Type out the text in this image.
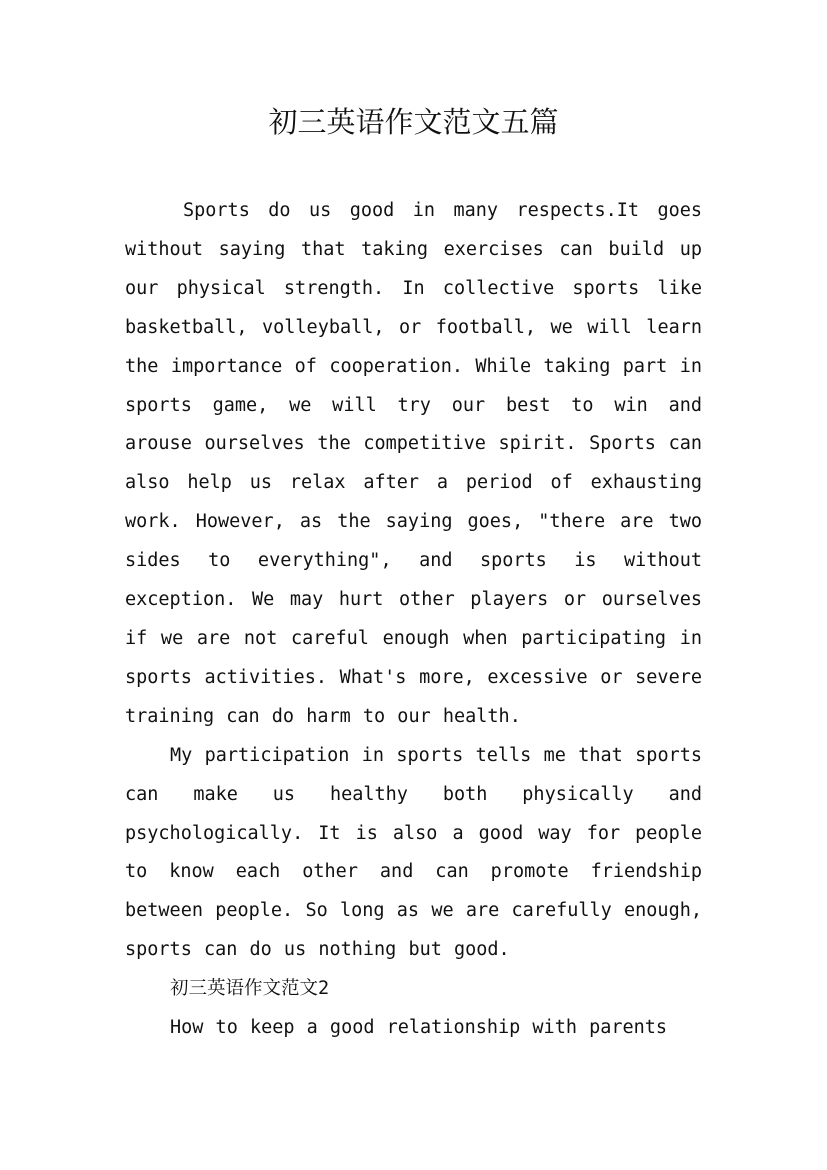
初三英语作文范文五篇

Sports do us good in many respects.It goes without saying that taking exercises can build up our physical strength. In collective sports like basketball, volleyball, or football, we will learn the importance of cooperation. While taking part in sports game, we will try our best to win and arouse ourselves the competitive spirit. Sports can also help us relax after a period of exhausting work. However, as the saying goes, "there are two sides to everything", and sports is without exception. We may hurt other players or ourselves if we are not careful enough when participating in sports activities. What's more, excessive or severe training can do harm to our health.

My participation in sports tells me that sports can make us healthy both physically and psychologically. It is also a good way for people to know each other and can promote friendship between people. So long as we are carefully enough, sports can do us nothing but good.

初三英语作文范文2

How to keep a good relationship with parents
